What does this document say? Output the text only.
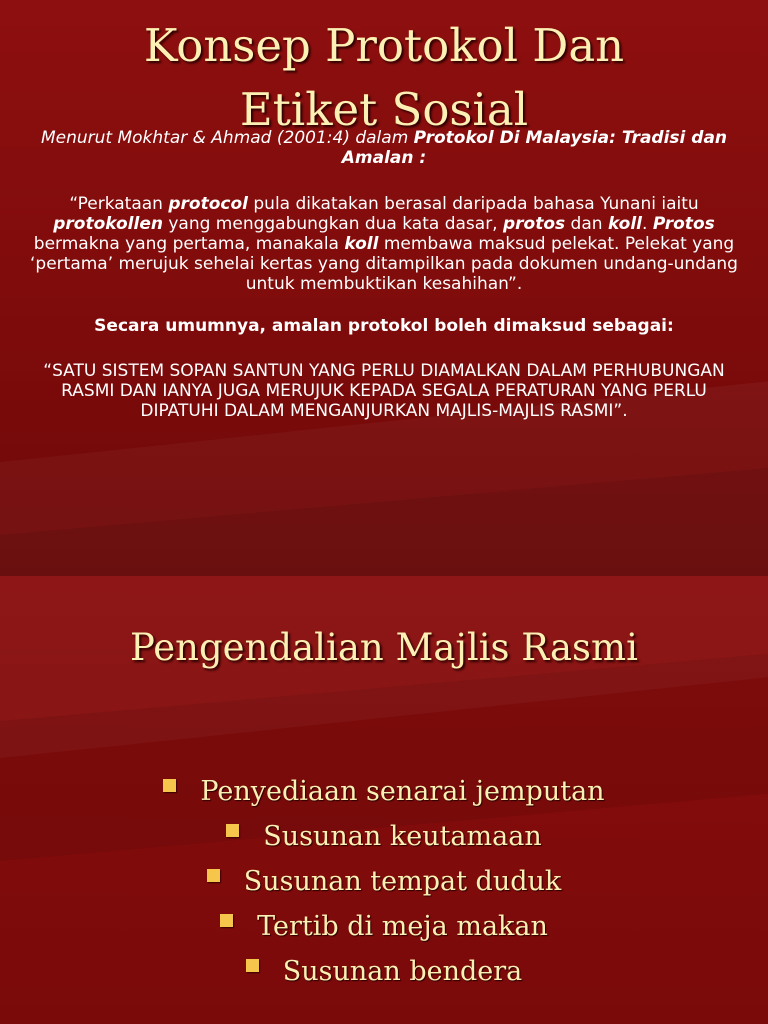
Konsep Protokol Dan
Etiket Sosial
Menurut Mokhtar & Ahmad (2001:4) dalam Protokol Di Malaysia: Tradisi dan Amalan :
“Perkataan protocol pula dikatakan berasal daripada bahasa Yunani iaitu protokollen yang menggabungkan dua kata dasar, protos dan koll. Protos bermakna yang pertama, manakala koll membawa maksud pelekat. Pelekat yang ‘pertama’ merujuk sehelai kertas yang ditampilkan pada dokumen undang-undang untuk membuktikan kesahihan”.
Secara umumnya, amalan protokol boleh dimaksud sebagai:
“SATU SISTEM SOPAN SANTUN YANG PERLU DIAMALKAN DALAM PERHUBUNGAN RASMI DAN IANYA JUGA MERUJUK KEPADA SEGALA PERATURAN YANG PERLU DIPATUHI DALAM MENGANJURKAN MAJLIS-MAJLIS RASMI”.
Pengendalian Majlis Rasmi
Penyediaan senarai jemputan
Susunan keutamaan
Susunan tempat duduk
Tertib di meja makan
Susunan bendera
